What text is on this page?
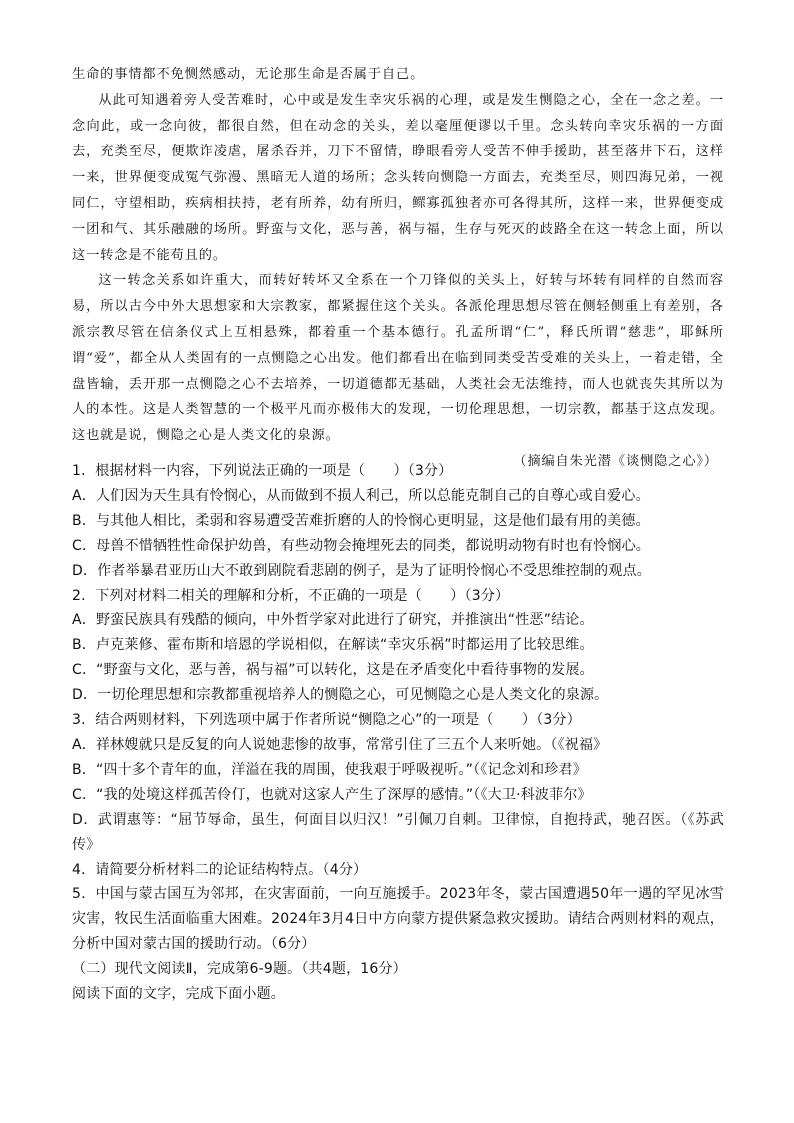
生命的事情都不免恻然感动，无论那生命是否属于自己。

从此可知遇着旁人受苦难时，心中或是发生幸灾乐祸的心理，或是发生恻隐之心，全在一念之差。一念向此，或一念向彼，都很自然，但在动念的关头，差以毫厘便谬以千里。念头转向幸灾乐祸的一方面去，充类至尽，便欺诈凌虐，屠杀吞并，刀下不留情，睁眼看旁人受苦不伸手援助，甚至落井下石，这样一来，世界便变成冤气弥漫、黑暗无人道的场所；念头转向恻隐一方面去，充类至尽，则四海兄弟，一视同仁，守望相助，疾病相扶持，老有所养，幼有所归，鳏寡孤独者亦可各得其所，这样一来，世界便变成一团和气、其乐融融的场所。野蛮与文化，恶与善，祸与福，生存与死灭的歧路全在这一转念上面，所以这一转念是不能苟且的。

这一转念关系如许重大，而转好转坏又全系在一个刀锋似的关头上，好转与坏转有同样的自然而容易，所以古今中外大思想家和大宗教家，都紧握住这个关头。各派伦理思想尽管在侧轻侧重上有差别，各派宗教尽管在信条仪式上互相悬殊，都着重一个基本德行。孔孟所谓“仁”，释氏所谓“慈悲”，耶稣所谓“爱”，都全从人类固有的一点恻隐之心出发。他们都看出在临到同类受苦受难的关头上，一着走错，全盘皆输，丢开那一点恻隐之心不去培养，一切道德都无基础，人类社会无法维持，而人也就丧失其所以为人的本性。这是人类智慧的一个极平凡而亦极伟大的发现，一切伦理思想，一切宗教，都基于这点发现。这也就是说，恻隐之心是人类文化的泉源。

（摘编自朱光潜《谈恻隐之心》）
1．根据材料一内容，下列说法正确的一项是（　　）（3分）
A．人们因为天生具有怜悯心，从而做到不损人利己，所以总能克制自己的自尊心或自爱心。
B．与其他人相比，柔弱和容易遭受苦难折磨的人的怜悯心更明显，这是他们最有用的美德。
C．母兽不惜牺牲性命保护幼兽，有些动物会掩埋死去的同类，都说明动物有时也有怜悯心。
D．作者举暴君亚历山大不敢到剧院看悲剧的例子，是为了证明怜悯心不受思维控制的观点。
2．下列对材料二相关的理解和分析，不正确的一项是（　　）（3分）
A．野蛮民族具有残酷的倾向，中外哲学家对此进行了研究，并推演出“性恶”结论。
B．卢克莱修、霍布斯和培恩的学说相似，在解读“幸灾乐祸”时都运用了比较思维。
C．“野蛮与文化，恶与善，祸与福”可以转化，这是在矛盾变化中看待事物的发展。
D．一切伦理思想和宗教都重视培养人的恻隐之心，可见恻隐之心是人类文化的泉源。
3．结合两则材料，下列选项中属于作者所说“恻隐之心”的一项是（　　）（3分）
A．祥林嫂就只是反复的向人说她悲惨的故事，常常引住了三五个人来听她。（《祝福》
B．“四十多个青年的血，洋溢在我的周围，使我艰于呼吸视听。”（《记念刘和珍君》
C．“我的处境这样孤苦伶仃，也就对这家人产生了深厚的感情。”（《大卫·科波菲尔》
D．武谓惠等：“屈节辱命，虽生，何面目以归汉！”引佩刀自刺。卫律惊，自抱持武，驰召医。（《苏武传》
4．请简要分析材料二的论证结构特点。（4分）
5．中国与蒙古国互为邻邦，在灾害面前，一向互施援手。2023年冬，蒙古国遭遇50年一遇的罕见冰雪灾害，牧民生活面临重大困难。2024年3月4日中方向蒙方提供紧急救灾援助。请结合两则材料的观点，分析中国对蒙古国的援助行动。（6分）
（二）现代文阅读Ⅱ，完成第6-9题。（共4题，16分）
阅读下面的文字，完成下面小题。
